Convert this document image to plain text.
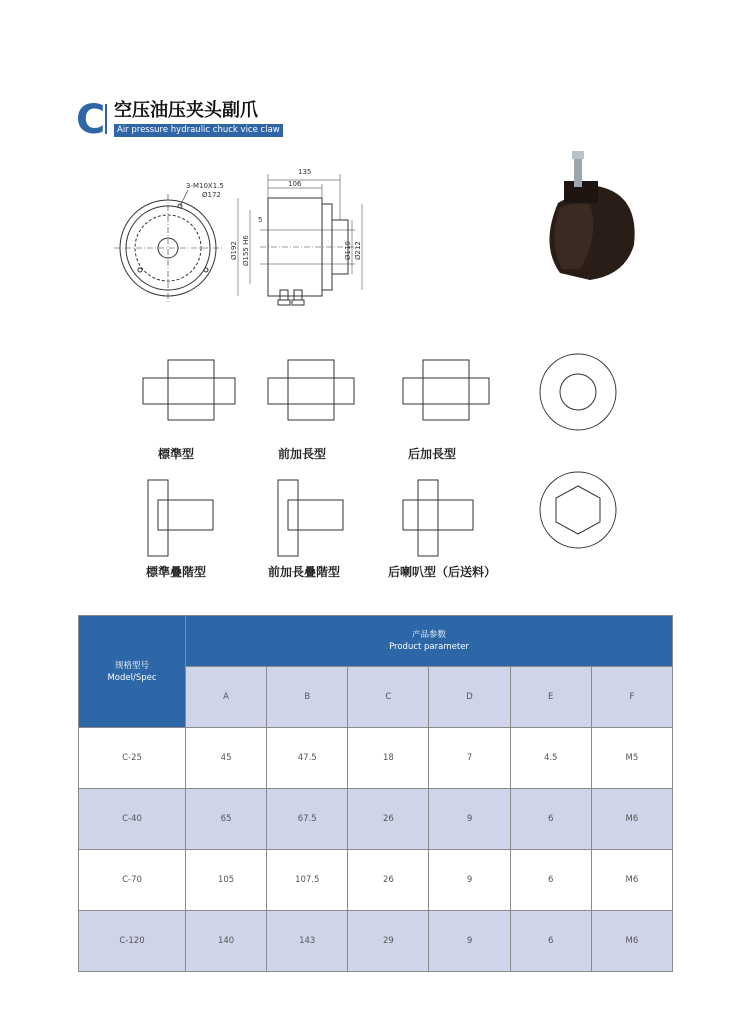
C 空压油压夹头副爪
Air pressure hydraulic chuck vice claw
3-M10X1.5
Ø172
135
106
5
Ø192 Ø155 H6	Ø110 Ø212
標準型	前加長型	后加長型
標準疊階型	前加長疊階型	后喇叭型（后送料）
规格型号
Model/Spec	产品参数
Product parameter					

	A	B	C	D	E	F
C-25	45	47.5	18	7	4.5	M5
C-40	65	67.5	26	9	6	M6
C-70	105	107.5	26	9	6	M6
C-120	140	143	29	9	6	M6
